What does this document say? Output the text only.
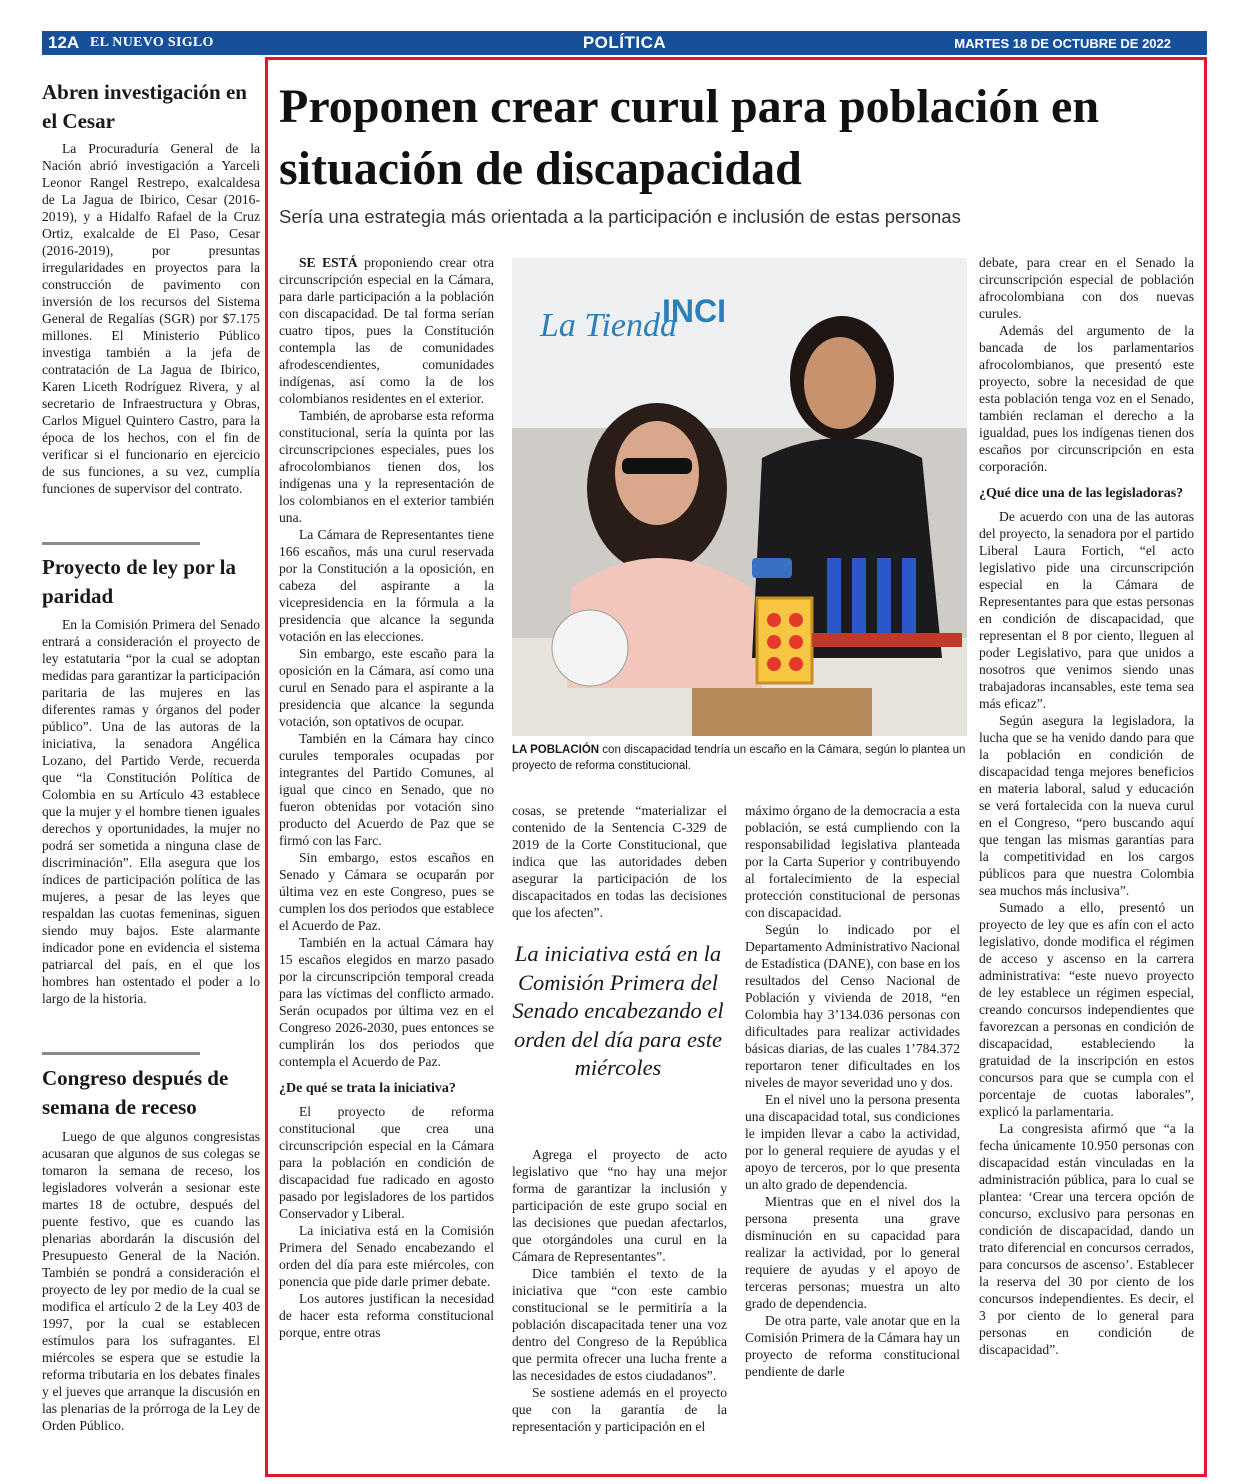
12A EL NUEVO SIGLO	POLÍTICA	MARTES 18 DE OCTUBRE DE 2022
Abren investigación en el Cesar

La Procuraduría General de la Nación abrió investigación a Yarceli Leonor Rangel Restrepo, exalcaldesa de La Jagua de Ibirico, Cesar (2016-2019), y a Hidalfo Rafael de la Cruz Ortiz, exalcalde de El Paso, Cesar (2016-2019), por presuntas irregularidades en proyectos para la construcción de pavimento con inversión de los recursos del Sistema General de Regalías (SGR) por $7.175 millones. El Ministerio Público investiga también a la jefa de contratación de La Jagua de Ibirico, Karen Liceth Rodríguez Rivera, y al secretario de Infraestructura y Obras, Carlos Miguel Quintero Castro, para la época de los hechos, con el fin de verificar si el funcionario en ejercicio de sus funciones, a su vez, cumplía funciones de supervisor del contrato.

Proyecto de ley por la paridad

En la Comisión Primera del Senado entrará a consideración el proyecto de ley estatutaria “por la cual se adoptan medidas para garantizar la participación paritaria de las mujeres en las diferentes ramas y órganos del poder público”. Una de las autoras de la iniciativa, la senadora Angélica Lozano, del Partido Verde, recuerda que “la Constitución Política de Colombia en su Artículo 43 establece que la mujer y el hombre tienen iguales derechos y oportunidades, la mujer no podrá ser sometida a ninguna clase de discriminación”. Ella asegura que los índices de participación política de las mujeres, a pesar de las leyes que respaldan las cuotas femeninas, siguen siendo muy bajos. Este alarmante indicador pone en evidencia el sistema patriarcal del país, en el que los hombres han ostentado el poder a lo largo de la historia.

Congreso después de semana de receso

Luego de que algunos congresistas acusaran que algunos de sus colegas se tomaron la semana de receso, los legisladores volverán a sesionar este martes 18 de octubre, después del puente festivo, que es cuando las plenarias abordarán la discusión del Presupuesto General de la Nación. También se pondrá a consideración el proyecto de ley por medio de la cual se modifica el artículo 2 de la Ley 403 de 1997, por la cual se establecen estímulos para los sufragantes. El miércoles se espera que se estudie la reforma tributaria en los debates finales y el jueves que arranque la discusión en las plenarias de la prórroga de la Ley de Orden Público.

Proponen crear curul para población en situación de discapacidad

Sería una estrategia más orientada a la participación e inclusión de estas personas

SE ESTÁ proponiendo crear otra circunscripción especial en la Cámara, para darle participación a la población con discapacidad. De tal forma serían cuatro tipos, pues la Constitución contempla las de comunidades afrodescendientes, comunidades indígenas, así como la de los colombianos residentes en el exterior.

También, de aprobarse esta reforma constitucional, sería la quinta por las circunscripciones especiales, pues los afrocolombianos tienen dos, los indígenas una y la representación de los colombianos en el exterior también una.

La Cámara de Representantes tiene 166 escaños, más una curul reservada por la Constitución a la oposición, en cabeza del aspirante a la vicepresidencia en la fórmula a la presidencia que alcance la segunda votación en las elecciones.

Sin embargo, este escaño para la oposición en la Cámara, así como una curul en Senado para el aspirante a la presidencia que alcance la segunda votación, son optativos de ocupar.

También en la Cámara hay cinco curules temporales ocupadas por integrantes del Partido Comunes, al igual que cinco en Senado, que no fueron obtenidas por votación sino producto del Acuerdo de Paz que se firmó con las Farc.

Sin embargo, estos escaños en Senado y Cámara se ocuparán por última vez en este Congreso, pues se cumplen los dos periodos que establece el Acuerdo de Paz.

También en la actual Cámara hay 15 escaños elegidos en marzo pasado por la circunscripción temporal creada para las víctimas del conflicto armado. Serán ocupados por última vez en el Congreso 2026-2030, pues entonces se cumplirán los dos periodos que contempla el Acuerdo de Paz.

¿De qué se trata la iniciativa?

El proyecto de reforma constitucional que crea una circunscripción especial en la Cámara para la población en condición de discapacidad fue radicado en agosto pasado por legisladores de los partidos Conservador y Liberal.

La iniciativa está en la Comisión Primera del Senado encabezando el orden del día para este miércoles, con ponencia que pide darle primer debate.

Los autores justifican la necesidad de hacer esta reforma constitucional porque, entre otras

La Tienda
INCI

LA POBLACIÓN con discapacidad tendría un escaño en la Cámara, según lo plantea un proyecto de reforma constitucional.

cosas, se pretende “materializar el contenido de la Sentencia C-329 de 2019 de la Corte Constitucional, que indica que las autoridades deben asegurar la participación de los discapacitados en todas las decisiones que los afecten”.

La iniciativa está en la Comisión Primera del Senado encabezando el orden del día para este miércoles

Agrega el proyecto de acto legislativo que “no hay una mejor forma de garantizar la inclusión y participación de este grupo social en las decisiones que puedan afectarlos, que otorgándoles una curul en la Cámara de Representantes”.

Dice también el texto de la iniciativa que “con este cambio constitucional se le permitiría a la población discapacitada tener una voz dentro del Congreso de la República que permita ofrecer una lucha frente a las necesidades de estos ciudadanos”.

Se sostiene además en el proyecto que con la garantía de la representación y participación en el

máximo órgano de la democracia a esta población, se está cumpliendo con la responsabilidad legislativa planteada por la Carta Superior y contribuyendo al fortalecimiento de la especial protección constitucional de personas con discapacidad.

Según lo indicado por el Departamento Administrativo Nacional de Estadística (DANE), con base en los resultados del Censo Nacional de Población y vivienda de 2018, “en Colombia hay 3’134.036 personas con dificultades para realizar actividades básicas diarias, de las cuales 1’784.372 reportaron tener dificultades en los niveles de mayor severidad uno y dos.

En el nivel uno la persona presenta una discapacidad total, sus condiciones le impiden llevar a cabo la actividad, por lo general requiere de ayudas y el apoyo de terceros, por lo que presenta un alto grado de dependencia.

Mientras que en el nivel dos la persona presenta una grave disminución en su capacidad para realizar la actividad, por lo general requiere de ayudas y el apoyo de terceras personas; muestra un alto grado de dependencia.

De otra parte, vale anotar que en la Comisión Primera de la Cámara hay un proyecto de reforma constitucional pendiente de darle

debate, para crear en el Senado la circunscripción especial de población afrocolombiana con dos nuevas curules.

Además del argumento de la bancada de los parlamentarios afrocolombianos, que presentó este proyecto, sobre la necesidad de que esta población tenga voz en el Senado, también reclaman el derecho a la igualdad, pues los indígenas tienen dos escaños por circunscripción en esta corporación.

¿Qué dice una de las legisladoras?

De acuerdo con una de las autoras del proyecto, la senadora por el partido Liberal Laura Fortich, “el acto legislativo pide una circunscripción especial en la Cámara de Representantes para que estas personas en condición de discapacidad, que representan el 8 por ciento, lleguen al poder Legislativo, para que unidos a nosotros que venimos siendo unas trabajadoras incansables, este tema sea más eficaz”.

Según asegura la legisladora, la lucha que se ha venido dando para que la población en condición de discapacidad tenga mejores beneficios en materia laboral, salud y educación se verá fortalecida con la nueva curul en el Congreso, “pero buscando aquí que tengan las mismas garantías para la competitividad en los cargos públicos para que nuestra Colombia sea muchos más inclusiva”.

Sumado a ello, presentó un proyecto de ley que es afín con el acto legislativo, donde modifica el régimen de acceso y ascenso en la carrera administrativa: “este nuevo proyecto de ley establece un régimen especial, creando concursos independientes que favorezcan a personas en condición de discapacidad, estableciendo la gratuidad de la inscripción en estos concursos para que se cumpla con el porcentaje de cuotas laborales”, explicó la parlamentaria.

La congresista afirmó que “a la fecha únicamente 10.950 personas con discapacidad están vinculadas en la administración pública, para lo cual se plantea: ‘Crear una tercera opción de concurso, exclusivo para personas en condición de discapacidad, dando un trato diferencial en concursos cerrados, para concursos de ascenso’. Establecer la reserva del 30 por ciento de los concursos independientes. Es decir, el 3 por ciento de lo general para personas en condición de discapacidad”.
